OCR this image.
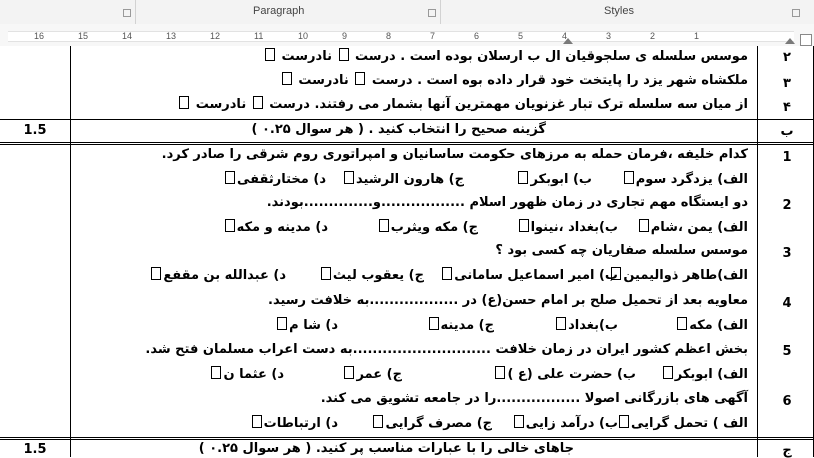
Paragraph	Styles
1
2
3
4
5
6
7
8
9
10
11
12
13
14
15
16
۲
موسس سلسله ی سلجوقیان ال ب ارسلان بوده است . درست  نادرست
۳
ملکشاه شهر یزد را پایتخت خود قرار داده بوه است . درست  نادرست
۴
از میان سه سلسله ترک تبار غزنویان مهمترین آنها بشمار می رفتند. درست  نادرست
ب
گزینه صحیح را انتخاب کنید . ( هر سوال ۰.۲۵ )
1.5
1
کدام خلیفه ،فرمان حمله به مرزهای حکومت ساسانیان و امپراتوری روم شرقی را صادر کرد.
الف) یزدگرد سوم
ب) ابوبکر
ج) هارون الرشید
د) مختارثقفی
2
دو ایستگاه مهم تجاری در زمان ظهور اسلام .................و..............بودند.
الف) یمن ،شام
ب)بغداد ،نینوا
ج) مکه ویثرب
د) مدینه و مکه
3
موسس سلسله صفاریان چه کسی بود ؟
الف)طاهر ذوالیمین
ب) امیر اسماعیل سامانی
ج) یعقوب لیث
د) عبدالله بن مقفع
4
معاویه بعد از تحمیل صلح بر امام حسن(ع) در ..................به خلافت رسید.
الف) مکه
ب)بغداد
ج) مدینه
د) شا م
5
بخش اعظم کشور ایران در زمان خلافت ............................به دست اعراب مسلمان فتح شد.
الف) ابوبکر
ب) حضرت علی (ع )
ج) عمر
د) عثما ن
6
آگهی های بازرگانی اصولا .................را در جامعه تشویق می کند.
الف ) تحمل گرایی
ب) درآمد زایی
ج) مصرف گرایی
د) ارتباطات
ج
جاهای خالی را با عبارات مناسب پر کنید. ( هر سوال ۰.۲۵ )
1.5
